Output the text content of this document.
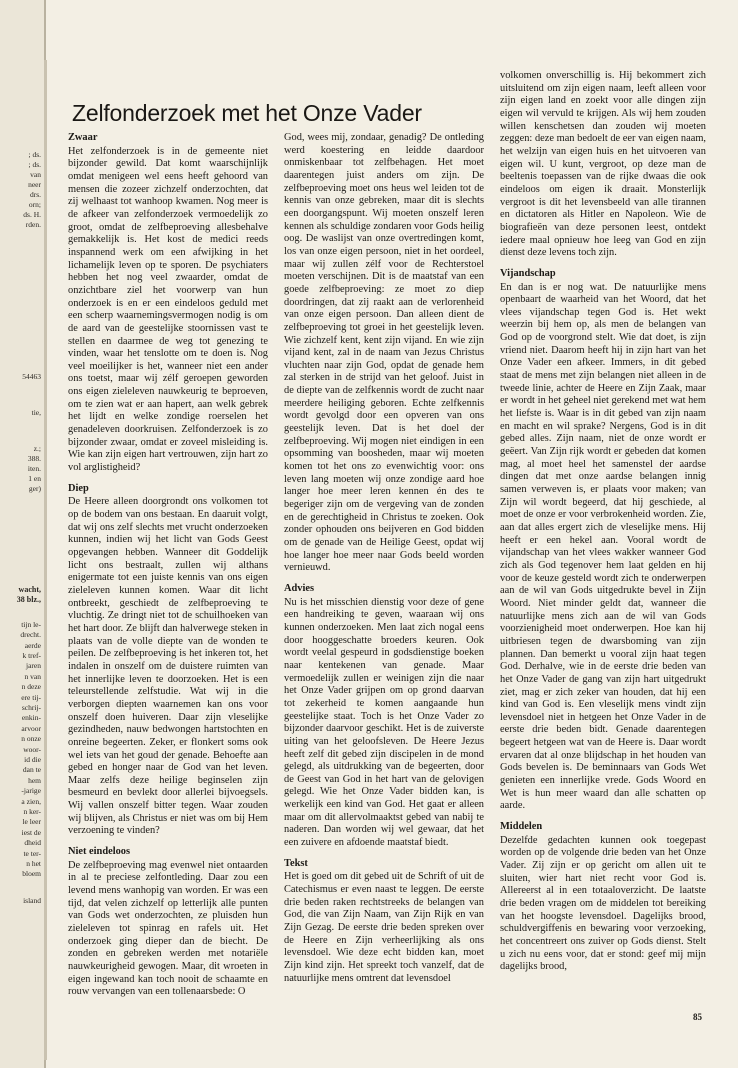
; ds.
; ds.
van
neer
drs.
orn;
ds. H.
rden.
54463
tie,
z.;
388.
iten.
1 en
ger)
wacht,
38 blz.,
tijn le-
drecht.
aerde
k tref-
jaren
n van
n deze
ere tij-
schrij-
enkin-
arvoor
n onze
woor-
id die
dan te
hem
-jarige
a zien,
n ker-
le leer
iest de
dheid
te ter-
n het
bloem
island
Zelfonderzoek met het Onze Vader
Zwaar

Het zelfonderzoek is in de gemeente niet bijzonder gewild. Dat komt waarschijnlijk omdat menigeen wel eens heeft gehoord van mensen die zozeer zichzelf onderzochten, dat zij welhaast tot wanhoop kwamen. Nog meer is de afkeer van zelfonderzoek vermoedelijk zo groot, omdat de zelfbeproeving allesbehalve gemakkelijk is. Het kost de medici reeds inspannend werk om een afwijking in het lichamelijk leven op te sporen. De psychiaters hebben het nog veel zwaarder, omdat de onzichtbare ziel het voorwerp van hun onderzoek is en er een eindeloos geduld met een scherp waarnemingsvermogen nodig is om de aard van de geestelijke stoornissen vast te stellen en daarmee de weg tot genezing te vinden, waar het tenslotte om te doen is. Nog veel moeilijker is het, wanneer niet een ander ons toetst, maar wij zélf geroepen geworden ons eigen zieleleven nauwkeurig te beproeven, om te zien wat er aan hapert, aan welk gebrek het lijdt en welke zondige roerselen het genadeleven doorkruisen. Zelfonderzoek is zo bijzonder zwaar, omdat er zoveel misleiding is. Wie kan zijn eigen hart vertrouwen, zijn hart zo vol arglistigheid?

Diep

De Heere alleen doorgrondt ons volkomen tot op de bodem van ons bestaan. En daaruit volgt, dat wij ons zelf slechts met vrucht onderzoeken kunnen, indien wij het licht van Gods Geest opgevangen hebben. Wanneer dit Goddelijk licht ons bestraalt, zullen wij althans enigermate tot een juiste kennis van ons eigen zieleleven kunnen komen. Waar dit licht ontbreekt, geschiedt de zelfbeproeving te vluchtig. Ze dringt niet tot de schuilhoeken van het hart door. Ze blijft dan halverwege steken in plaats van de volle diepte van de wonden te peilen. De zelfbeproeving is het inkeren tot, het indalen in onszelf om de duistere ruimten van het innerlijke leven te doorzoeken. Het is een teleurstellende zelfstudie. Wat wij in die verborgen diepten waarnemen kan ons voor onszelf doen huiveren. Daar zijn vleselijke gezindheden, nauw bedwongen hartstochten en onreine begeerten. Zeker, er flonkert soms ook wel iets van het goud der genade. Behoefte aan gebed en honger naar de God van het leven. Maar zelfs deze heilige beginselen zijn besmeurd en bevlekt door allerlei bijvoegsels. Wij vallen onszelf bitter tegen. Waar zouden wij blijven, als Christus er niet was om bij Hem verzoening te vinden?

Niet eindeloos

De zelfbeproeving mag evenwel niet ontaarden in al te preciese zelfontleding. Daar zou een levend mens wanhopig van worden. Er was een tijd, dat velen zichzelf op letterlijk alle punten van Gods wet onderzochten, ze pluisden hun zieleleven tot spinrag en rafels uit. Het onderzoek ging dieper dan de biecht. De zonden en gebreken werden met notariële nauwkeurigheid gewogen. Maar, dit wroeten in eigen ingewand kan toch nooit de schaamte en rouw vervangen van een tollenaarsbede: O

God, wees mij, zondaar, genadig? De ontleding werd koestering en leidde daardoor onmiskenbaar tot zelfbehagen. Het moet daarentegen juist anders om zijn. De zelfbeproeving moet ons heus wel leiden tot de kennis van onze gebreken, maar dit is slechts een doorgangspunt. Wij moeten onszelf leren kennen als schuldige zondaren voor Gods heilig oog. De waslijst van onze overtredingen komt, los van onze eigen persoon, niet in het oordeel, maar wij zullen zélf voor de Rechterstoel moeten verschijnen. Dit is de maatstaf van een goede zelfbeproeving: ze moet zo diep doordringen, dat zij raakt aan de verlorenheid van onze eigen persoon. Dan alleen dient de zelfbeproeving tot groei in het geestelijk leven. Wie zichzelf kent, kent zijn vijand. En wie zijn vijand kent, zal in de naam van Jezus Christus vluchten naar zijn God, opdat de genade hem zal sterken in de strijd van het geloof. Juist in de diepte van de zelfkennis wordt de zucht naar meerdere heiliging geboren. Echte zelfkennis wordt gevolgd door een opveren van ons geestelijk leven. Dat is het doel der zelfbeproeving. Wij mogen niet eindigen in een opsomming van boosheden, maar wij moeten komen tot het ons zo evenwichtig voor: ons leven lang moeten wij onze zondige aard hoe langer hoe meer leren kennen én des te begeriger zijn om de vergeving van de zonden en de gerechtigheid in Christus te zoeken. Ook zonder ophouden ons beijveren en God bidden om de genade van de Heilige Geest, opdat wij hoe langer hoe meer naar Gods beeld worden vernieuwd.

Advies

Nu is het misschien dienstig voor deze of gene een handreiking te geven, waaraan wij ons kunnen onderzoeken. Men laat zich nogal eens door hooggeschatte broeders keuren. Ook wordt veelal gespeurd in godsdienstige boeken naar kentekenen van genade. Maar vermoedelijk zullen er weinigen zijn die naar het Onze Vader grijpen om op grond daarvan tot zekerheid te komen aangaande hun geestelijke staat. Toch is het Onze Vader zo bijzonder daarvoor geschikt. Het is de zuiverste uiting van het geloofsleven. De Heere Jezus heeft zelf dit gebed zijn discipelen in de mond gelegd, als uitdrukking van de begeerten, door de Geest van God in het hart van de gelovigen gelegd. Wie het Onze Vader bidden kan, is werkelijk een kind van God. Het gaat er alleen maar om dit allervolmaaktst gebed van nabij te naderen. Dan worden wij wel gewaar, dat het een zuivere en afdoende maatstaf biedt.

Tekst

Het is goed om dit gebed uit de Schrift of uit de Catechismus er even naast te leggen. De eerste drie beden raken rechtstreeks de belangen van God, die van Zijn Naam, van Zijn Rijk en van Zijn Gezag. De eerste drie beden spreken over de Heere en Zijn verheerlijking als ons levensdoel. Wie deze echt bidden kan, moet Zijn kind zijn. Het spreekt toch vanzelf, dat de natuurlijke mens omtrent dat levensdoel

volkomen onverschillig is. Hij bekommert zich uitsluitend om zijn eigen naam, leeft alleen voor zijn eigen land en zoekt voor alle dingen zijn eigen wil vervuld te krijgen. Als wij hem zouden willen kenschetsen dan zouden wij moeten zeggen: deze man bedoelt de eer van eigen naam, het welzijn van eigen huis en het uitvoeren van eigen wil. U kunt, vergroot, op deze man de beeltenis toepassen van de rijke dwaas die ook eindeloos om eigen ik draait. Monsterlijk vergroot is dit het levensbeeld van alle tirannen en dictatoren als Hitler en Napoleon. Wie de biografieën van deze personen leest, ontdekt iedere maal opnieuw hoe leeg van God en zijn dienst deze levens toch zijn.

Vijandschap

En dan is er nog wat. De natuurlijke mens openbaart de waarheid van het Woord, dat het vlees vijandschap tegen God is. Het wekt weerzin bij hem op, als men de belangen van God op de voorgrond stelt. Wie dat doet, is zijn vriend niet. Daarom heeft hij in zijn hart van het Onze Vader een afkeer. Immers, in dit gebed staat de mens met zijn belangen niet alleen in de tweede linie, achter de Heere en Zijn Zaak, maar er wordt in het geheel niet gerekend met wat hem het liefste is. Waar is in dit gebed van zijn naam en macht en wil sprake? Nergens, God is in dit gebed alles. Zijn naam, niet de onze wordt er geëert. Van Zijn rijk wordt er gebeden dat komen mag, al moet heel het samenstel der aardse dingen dat met onze aardse belangen innig samen verweven is, er plaats voor maken; van Zijn wil wordt begeerd, dat hij geschiede, al moet de onze er voor verbrokenheid worden. Zie, aan dat alles ergert zich de vleselijke mens. Hij heeft er een hekel aan. Vooral wordt de vijandschap van het vlees wakker wanneer God zich als God tegenover hem laat gelden en hij voor de keuze gesteld wordt zich te onderwerpen aan de wil van Gods uitgedrukte bevel in Zijn Woord. Niet minder geldt dat, wanneer die natuurlijke mens zich aan de wil van Gods voorzienigheid moet onderwerpen. Hoe kan hij uitbriesen tegen de dwarsboming van zijn plannen. Dan bemerkt u vooral zijn haat tegen God. Derhalve, wie in de eerste drie beden van het Onze Vader de gang van zijn hart uitgedrukt ziet, mag er zich zeker van houden, dat hij een kind van God is. Een vleselijk mens vindt zijn levensdoel niet in hetgeen het Onze Vader in de eerste drie beden bidt. Genade daarentegen begeert hetgeen wat van de Heere is. Daar wordt ervaren dat al onze blijdschap in het houden van Gods bevelen is. De beminnaars van Gods Wet genieten een innerlijke vrede. Gods Woord en Wet is hun meer waard dan alle schatten op aarde.

Middelen

Dezelfde gedachten kunnen ook toegepast worden op de volgende drie beden van het Onze Vader. Zij zijn er op gericht om allen uit te sluiten, wier hart niet recht voor God is. Allereerst al in een totaaloverzicht. De laatste drie beden vragen om de middelen tot bereiking van het hoogste levensdoel. Dagelijks brood, schuldvergiffenis en bewaring voor verzoeking, het concentreert ons zuiver op Gods dienst. Stelt u zich nu eens voor, dat er stond: geef mij mijn dagelijks brood,

85
